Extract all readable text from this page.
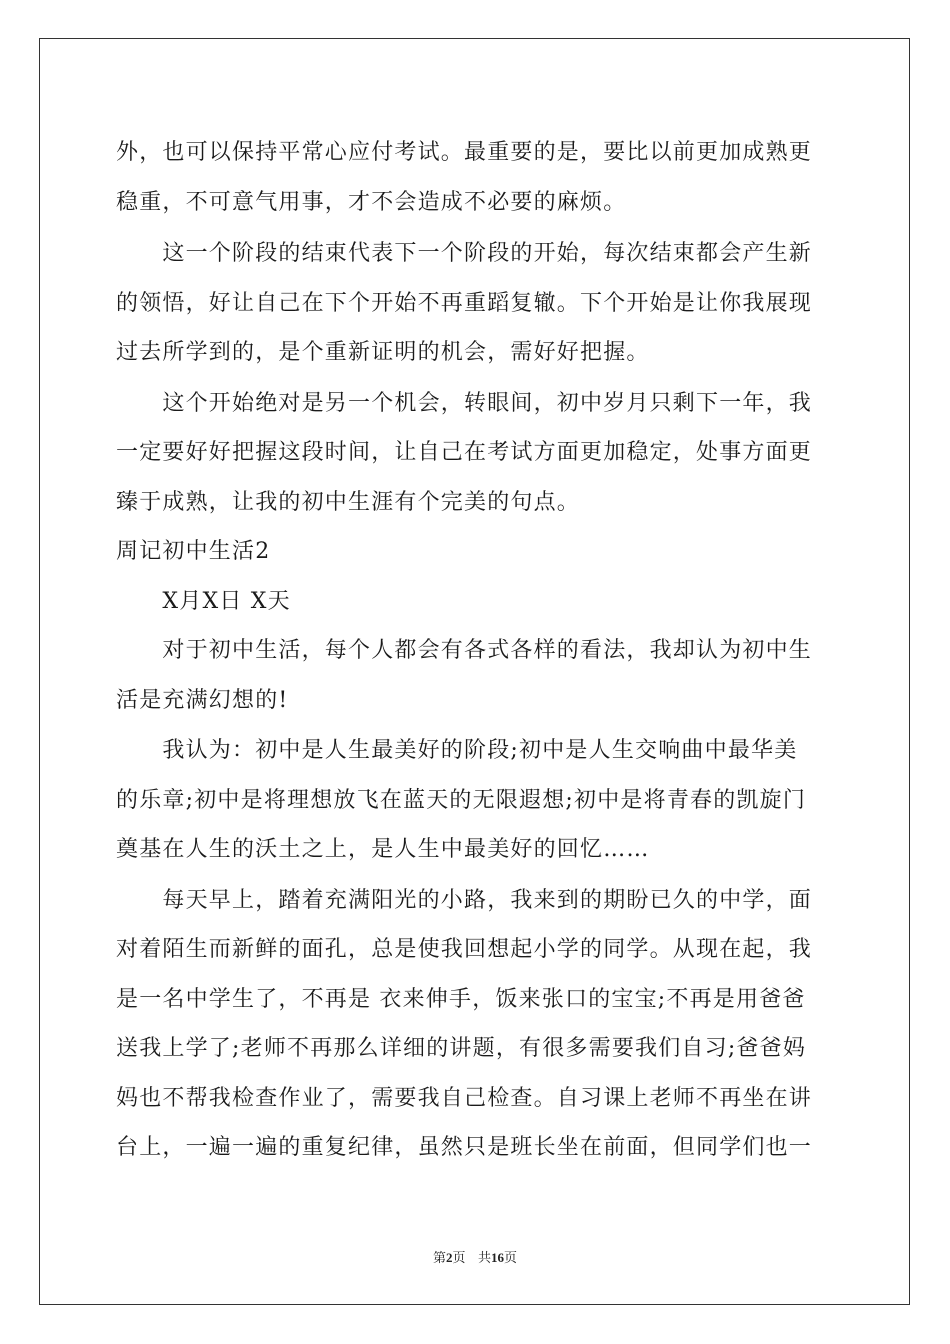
外，也可以保持平常心应付考试。最重要的是，要比以前更加成熟更
稳重，不可意气用事，才不会造成不必要的麻烦。
　　这一个阶段的结束代表下一个阶段的开始，每次结束都会产生新
的领悟，好让自己在下个开始不再重蹈复辙。下个开始是让你我展现
过去所学到的，是个重新证明的机会，需好好把握。
　　这个开始绝对是另一个机会，转眼间，初中岁月只剩下一年，我
一定要好好把握这段时间，让自己在考试方面更加稳定，处事方面更
臻于成熟，让我的初中生涯有个完美的句点。
周记初中生活2
　　X月X日 X天
　　对于初中生活，每个人都会有各式各样的看法，我却认为初中生
活是充满幻想的!
　　我认为：初中是人生最美好的阶段;初中是人生交响曲中最华美
的乐章;初中是将理想放飞在蓝天的无限遐想;初中是将青春的凯旋门
奠基在人生的沃土之上，是人生中最美好的回忆……
　　每天早上，踏着充满阳光的小路，我来到的期盼已久的中学，面
对着陌生而新鲜的面孔，总是使我回想起小学的同学。从现在起，我
是一名中学生了，不再是 衣来伸手，饭来张口的宝宝;不再是用爸爸
送我上学了;老师不再那么详细的讲题，有很多需要我们自习;爸爸妈
妈也不帮我检查作业了，需要我自己检查。自习课上老师不再坐在讲
台上，一遍一遍的重复纪律，虽然只是班长坐在前面，但同学们也一
第2页 共16页
